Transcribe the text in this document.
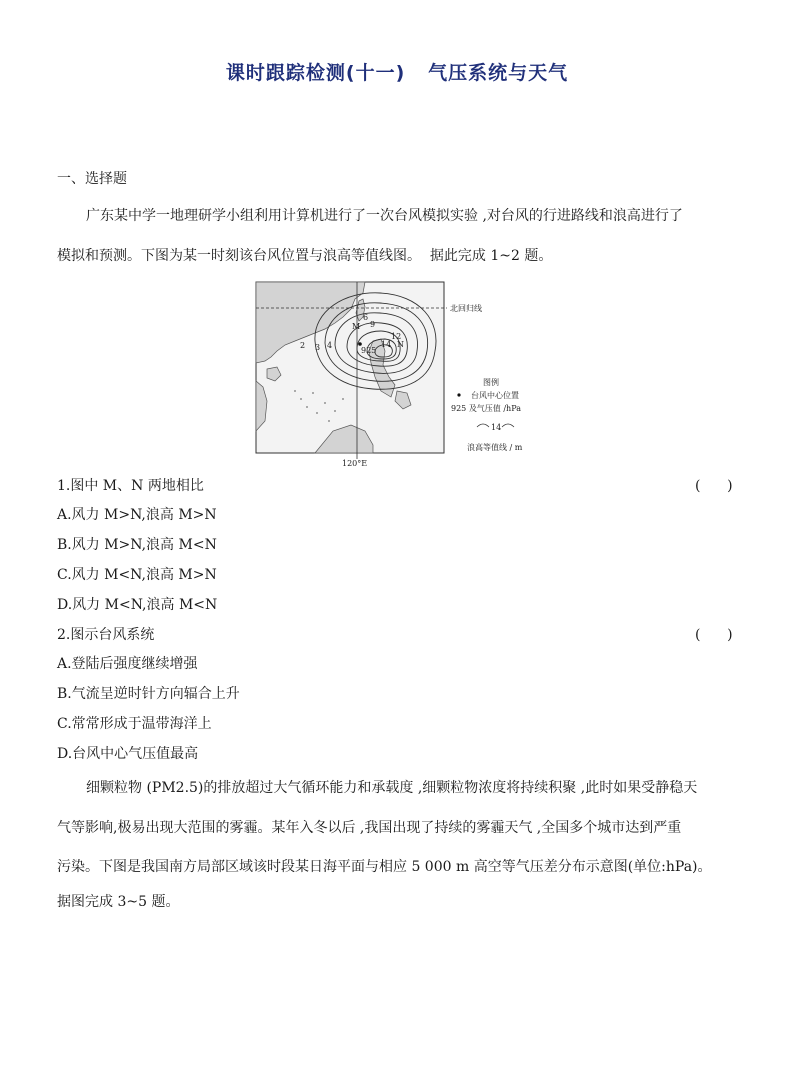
课时跟踪检测(十一)   气压系统与天气
一、选择题
广东某中学一地理研学小组利用计算机进行了一次台风模拟实验 ,对台风的行进路线和浪高进行了
模拟和预测。下图为某一时刻该台风位置与浪高等值线图。  据此完成 1~2 题。
2 3 4
6
9
12
14
M
N
925
北回归线
120°E
图例
台风中心位置
925 及气压值 /hPa
14
浪高等值线 / m
1.图中 M、N 两地相比	(      )
A.风力 M>N,浪高 M>N
B.风力 M>N,浪高 M<N
C.风力 M<N,浪高 M>N
D.风力 M<N,浪高 M<N
2.图示台风系统	(      )
A.登陆后强度继续增强
B.气流呈逆时针方向辐合上升
C.常常形成于温带海洋上
D.台风中心气压值最高
细颗粒物 (PM2.5)的排放超过大气循环能力和承载度 ,细颗粒物浓度将持续积聚 ,此时如果受静稳天
气等影响,极易出现大范围的雾霾。某年入冬以后 ,我国出现了持续的雾霾天气 ,全国多个城市达到严重
污染。下图是我国南方局部区域该时段某日海平面与相应 5 000 m 高空等气压差分布示意图(单位:hPa)。
据图完成 3~5 题。
